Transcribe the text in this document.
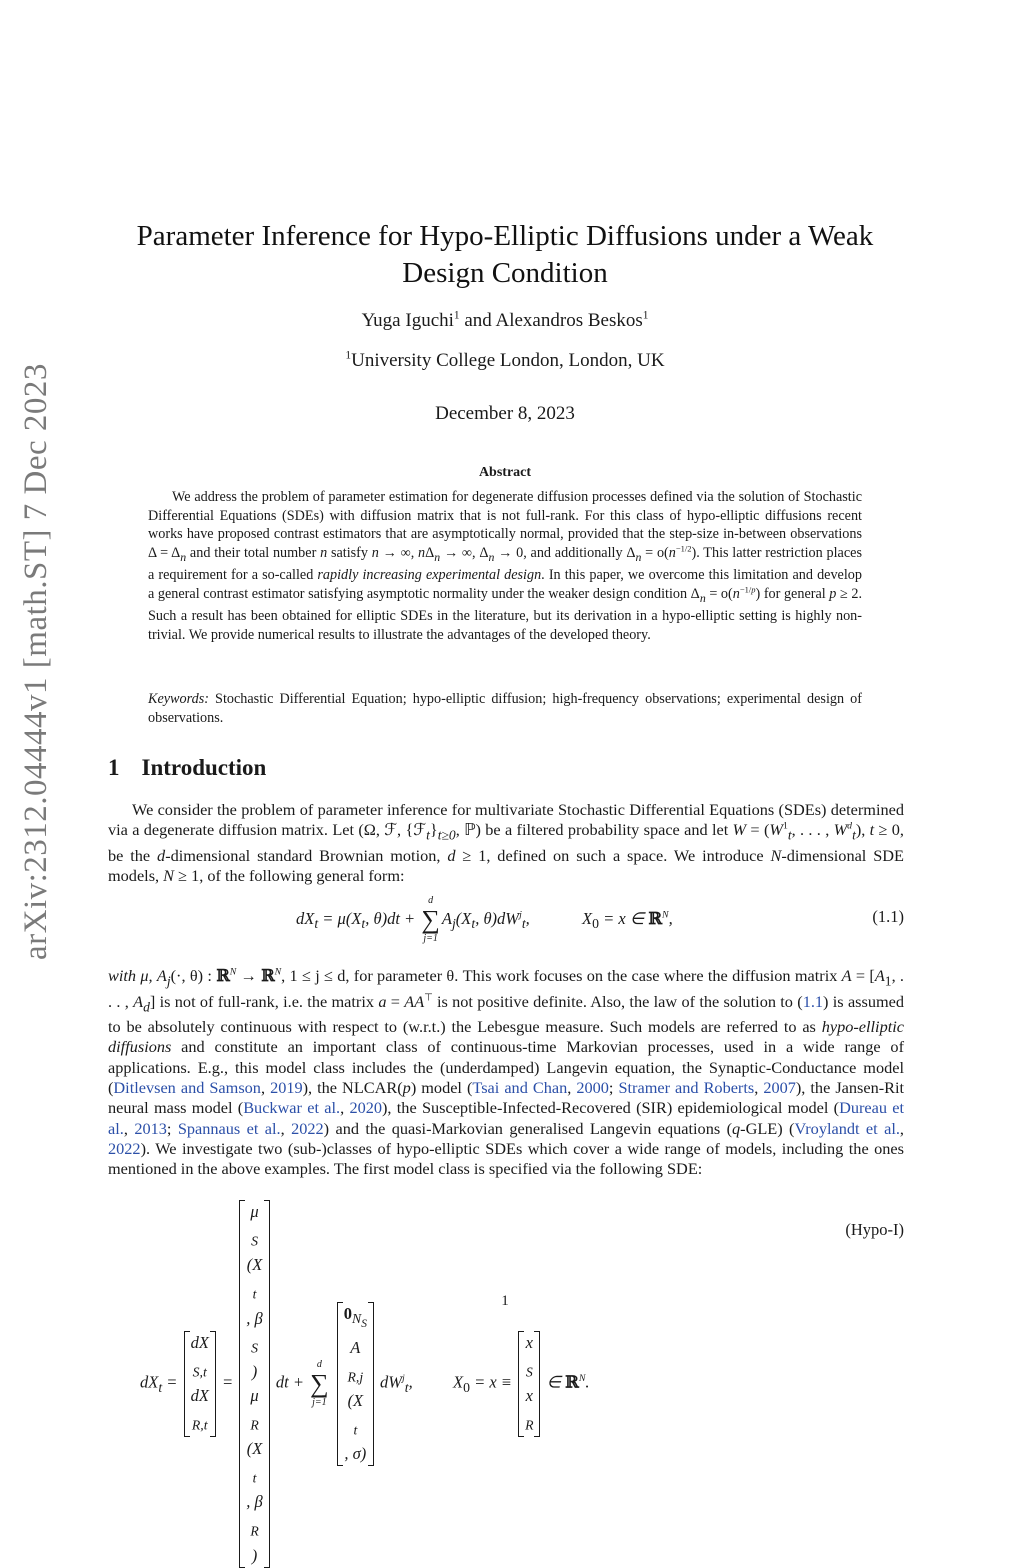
arXiv:2312.04444v1 [math.ST] 7 Dec 2023
Parameter Inference for Hypo-Elliptic Diffusions under a Weak Design Condition
Yuga Iguchi$^1$ and Alexandros Beskos$^1$
$^1$University College London, London, UK
December 8, 2023
Abstract
We address the problem of parameter estimation for degenerate diffusion processes defined via the solution of Stochastic Differential Equations (SDEs) with diffusion matrix that is not full-rank. For this class of hypo-elliptic diffusions recent works have proposed contrast estimators that are asymptotically normal, provided that the step-size in-between observations $\Delta = \Delta_n$ and their total number n satisfy n → ∞, $n\Delta_n$ → ∞, $\Delta_n \to 0$, and additionally $\Delta_n = o(n^{-1/2})$. This latter restriction places a requirement for a so-called rapidly increasing experimental design. In this paper, we overcome this limitation and develop a general contrast estimator satisfying asymptotic normality under the weaker design condition $\Delta_n = o(n^{-1/p})$ for general p ≥ 2. Such a result has been obtained for elliptic SDEs in the literature, but its derivation in a hypo-elliptic setting is highly non-trivial. We provide numerical results to illustrate the advantages of the developed theory.
Keywords: Stochastic Differential Equation; hypo-elliptic diffusion; high-frequency observations; experimental design of observations.
1 Introduction
We consider the problem of parameter inference for multivariate Stochastic Differential Equations (SDEs) determined via a degenerate diffusion matrix. Let (Ω, ℱ, $\{ℱ_t\}_{t\ge 0}$, ℙ) be a filtered probability space and let $W = (W^1_t$, . . . , $W^d_t$), t ≥ 0, be the d-dimensional standard Brownian motion, d ≥ 1, defined on such a space. We introduce N-dimensional SDE models, N ≥ 1, of the following general form:
$dX_t = \mu(X_t$, θ)dt +
d
∑
j=1
$A_j(X_t$, $\theta)dW^j_t$,	$X_0 = x$ ∈ ℝ$^N$,	(1.1)
with μ, $A_j(\cdot$, θ) : ℝ$^N$ → ℝ$^N$, 1 ≤ j ≤ d, for parameter θ. This work focuses on the case where the diffusion matrix $A = [A_1$, . . . , $A_d$] is not of full-rank, i.e. the matrix a = AA⊤ is not positive definite. Also, the law of the solution to (1.1) is assumed to be absolutely continuous with respect to (w.r.t.) the Lebesgue measure. Such models are referred to as hypo-elliptic diffusions and constitute an important class of continuous-time Markovian processes, used in a wide range of applications. E.g., this model class includes the (underdamped) Langevin equation, the Synaptic-Conductance model (Ditlevsen and Samson, 2019), the NLCAR(p) model (Tsai and Chan, 2000; Stramer and Roberts, 2007), the Jansen-Rit neural mass model (Buckwar et al., 2020), the Susceptible-Infected-Recovered (SIR) epidemiological model (Dureau et al., 2013; Spannaus et al., 2022) and the quasi-Markovian generalised Langevin equations (q-GLE) (Vroylandt et al., 2022). We investigate two (sub-)classes of hypo-elliptic SDEs which cover a wide range of models, including the ones mentioned in the above examples. The first model class is specified via the following SDE:
$dX_t$ =
dX
$_{S,t}$
dX
$_{R,t}$
=
μ
$_S$
(X
$_t$
, β
$_S$
)
μ
$_R$
(X
$_t$
, β
$_R$
)
dt +
d
∑
j=1

$0_{N_S}$
A
$_{R,j}$
(X
$_t$
, σ)
$dW^j_t$,  $X_0 = x$ ≡
x
$_S$
x
$_R$
∈ ℝ$^N$.
(Hypo-I)
1
